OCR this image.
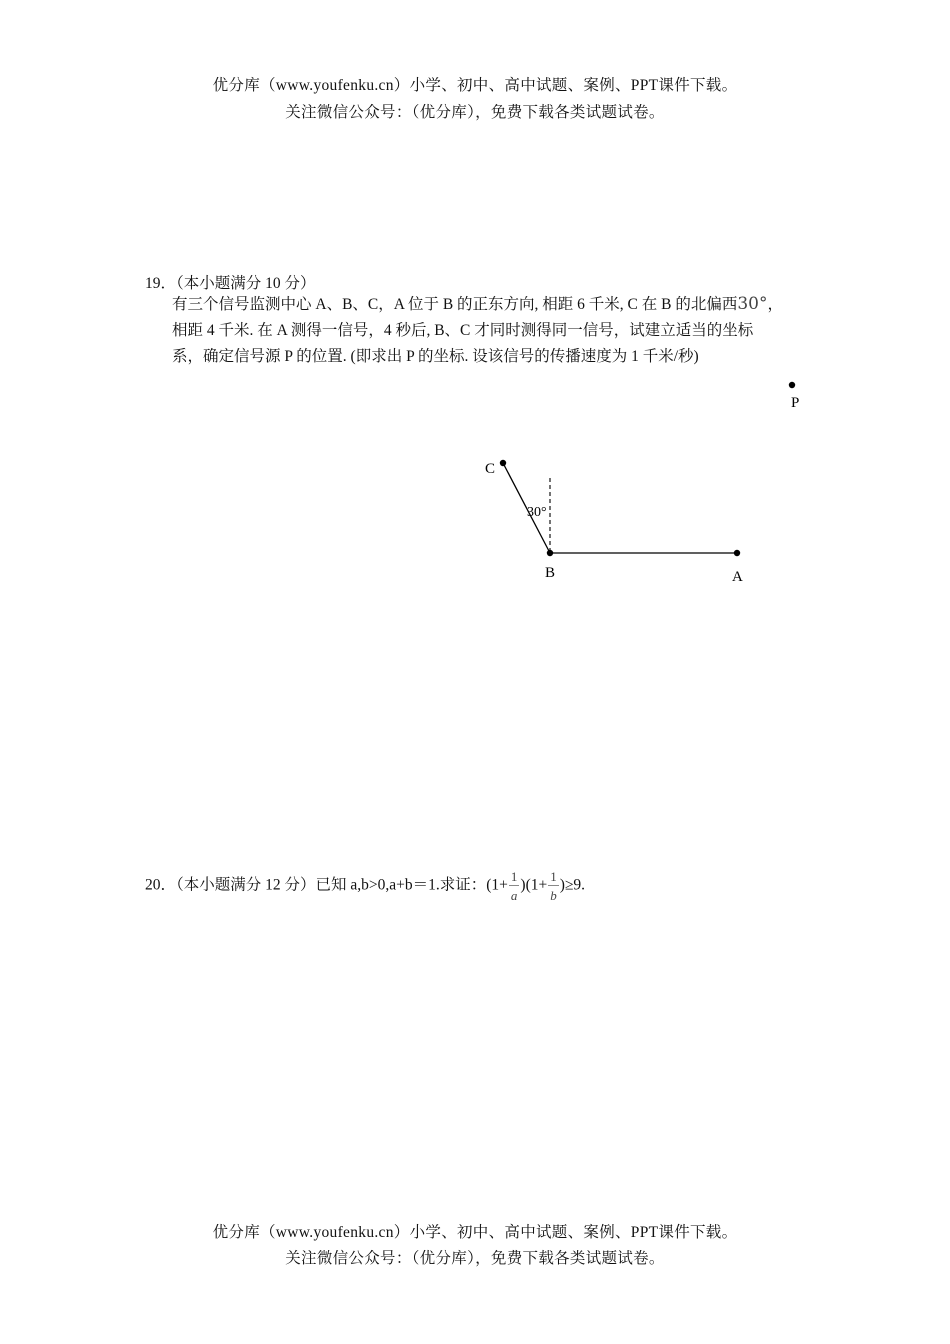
优分库（www.youfenku.cn）小学、初中、高中试题、案例、PPT课件下载。
关注微信公众号：（优分库），免费下载各类试题试卷。
19．（本小题满分 10 分）
有三个信号监测中心 A、B、C，A 位于 B 的正东方向, 相距 6 千米, C 在 B 的北偏西30°，
相距 4 千米. 在 A 测得一信号，4 秒后, B、C 才同时测得同一信号，试建立适当的坐标
系，确定信号源 P 的位置. (即求出 P 的坐标. 设该信号的传播速度为 1 千米/秒)
P
C
30°
B	A
20．（本小题满分 12 分）已知 a,b>0,a+b＝1.求证：$(1+ \frac{1}{a} )(1+ \frac{1}{b} )\ge 9$.
优分库（www.youfenku.cn）小学、初中、高中试题、案例、PPT课件下载。
关注微信公众号：（优分库），免费下载各类试题试卷。
